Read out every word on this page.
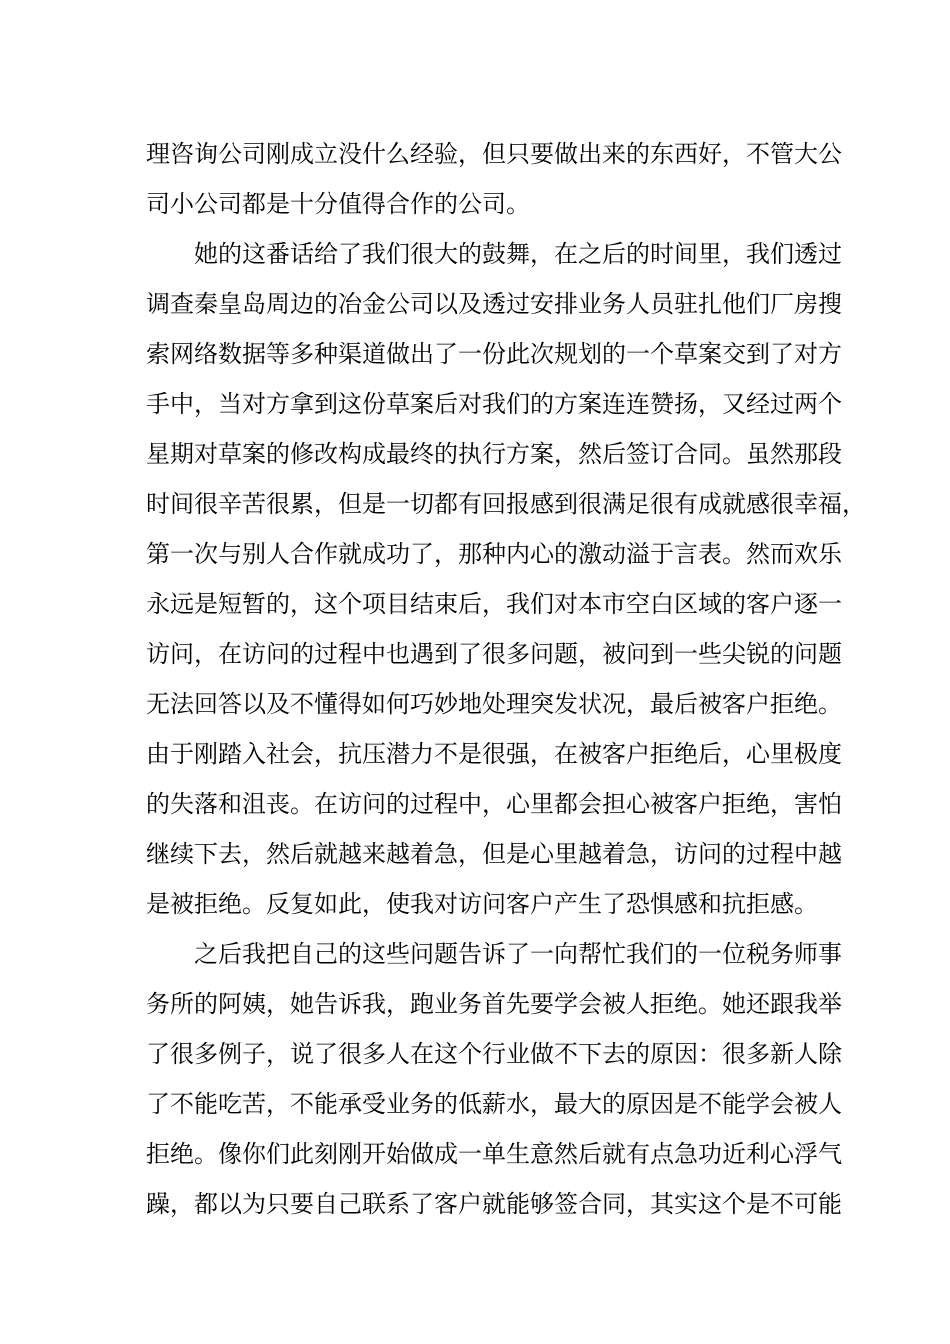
理咨询公司刚成立没什么经验，但只要做出来的东西好，不管大公
司小公司都是十分值得合作的公司。
她的这番话给了我们很大的鼓舞，在之后的时间里，我们透过
调查秦皇岛周边的冶金公司以及透过安排业务人员驻扎他们厂房搜
索网络数据等多种渠道做出了一份此次规划的一个草案交到了对方
手中，当对方拿到这份草案后对我们的方案连连赞扬，又经过两个
星期对草案的修改构成最终的执行方案，然后签订合同。虽然那段
时间很辛苦很累，但是一切都有回报感到很满足很有成就感很幸福，
第一次与别人合作就成功了，那种内心的激动溢于言表。然而欢乐
永远是短暂的，这个项目结束后，我们对本市空白区域的客户逐一
访问，在访问的过程中也遇到了很多问题，被问到一些尖锐的问题
无法回答以及不懂得如何巧妙地处理突发状况，最后被客户拒绝。
由于刚踏入社会，抗压潜力不是很强，在被客户拒绝后，心里极度
的失落和沮丧。在访问的过程中，心里都会担心被客户拒绝，害怕
继续下去，然后就越来越着急，但是心里越着急，访问的过程中越
是被拒绝。反复如此，使我对访问客户产生了恐惧感和抗拒感。
之后我把自己的这些问题告诉了一向帮忙我们的一位税务师事
务所的阿姨，她告诉我，跑业务首先要学会被人拒绝。她还跟我举
了很多例子，说了很多人在这个行业做不下去的原因：很多新人除
了不能吃苦，不能承受业务的低薪水，最大的原因是不能学会被人
拒绝。像你们此刻刚开始做成一单生意然后就有点急功近利心浮气
躁，都以为只要自己联系了客户就能够签合同，其实这个是不可能
